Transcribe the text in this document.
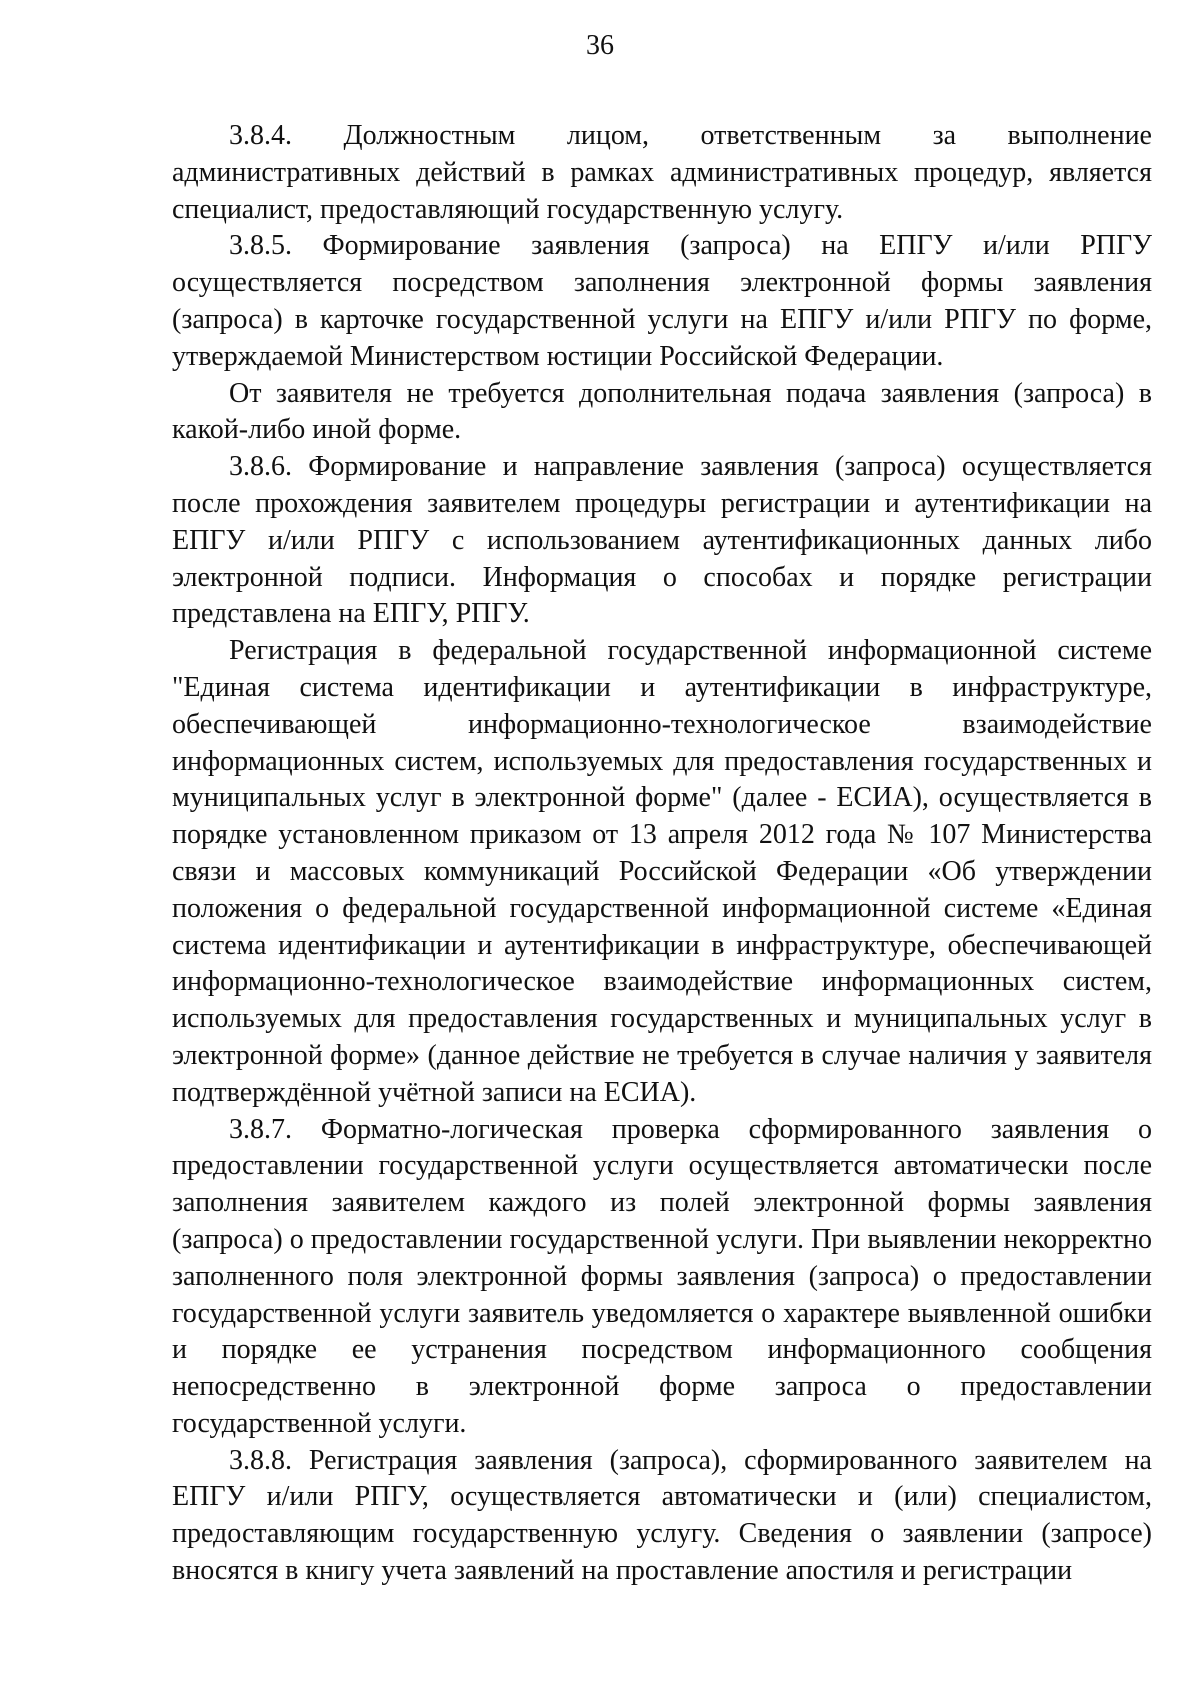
36

3.8.4. Должностным лицом, ответственным за выполнение административных действий в рамках административных процедур, является специалист, предоставляющий государственную услугу.

3.8.5. Формирование заявления (запроса) на ЕПГУ и/или РПГУ осуществляется посредством заполнения электронной формы заявления (запроса) в карточке государственной услуги на ЕПГУ и/или РПГУ по форме, утверждаемой Министерством юстиции Российской Федерации.

От заявителя не требуется дополнительная подача заявления (запроса) в какой-либо иной форме.

3.8.6. Формирование и направление заявления (запроса) осуществляется после прохождения заявителем процедуры регистрации и аутентификации на ЕПГУ и/или РПГУ с использованием аутентификационных данных либо электронной подписи. Информация о способах и порядке регистрации представлена на ЕПГУ, РПГУ.

Регистрация в федеральной государственной информационной системе "Единая система идентификации и аутентификации в инфраструктуре, обеспечивающей информационно-технологическое взаимодействие информационных систем, используемых для предоставления государственных и муниципальных услуг в электронной форме" (далее - ЕСИА), осуществляется в порядке установленном приказом от 13 апреля 2012 года № 107 Министерства связи и массовых коммуникаций Российской Федерации «Об утверждении положения о федеральной государственной информационной системе «Единая система идентификации и аутентификации в инфраструктуре, обеспечивающей информационно-технологическое взаимодействие информационных систем, используемых для предоставления государственных и муниципальных услуг в электронной форме» (данное действие не требуется в случае наличия у заявителя подтверждённой учётной записи на ЕСИА).

3.8.7. Форматно-логическая проверка сформированного заявления о предоставлении государственной услуги осуществляется автоматически после заполнения заявителем каждого из полей электронной формы заявления (запроса) о предоставлении государственной услуги. При выявлении некорректно заполненного поля электронной формы заявления (запроса) о предоставлении государственной услуги заявитель уведомляется о характере выявленной ошибки и порядке ее устранения посредством информационного сообщения непосредственно в электронной форме запроса о предоставлении государственной услуги.

3.8.8. Регистрация заявления (запроса), сформированного заявителем на ЕПГУ и/или РПГУ, осуществляется автоматически и (или) специалистом, предоставляющим государственную услугу. Сведения о заявлении (запросе) вносятся в книгу учета заявлений на проставление апостиля и регистрации
